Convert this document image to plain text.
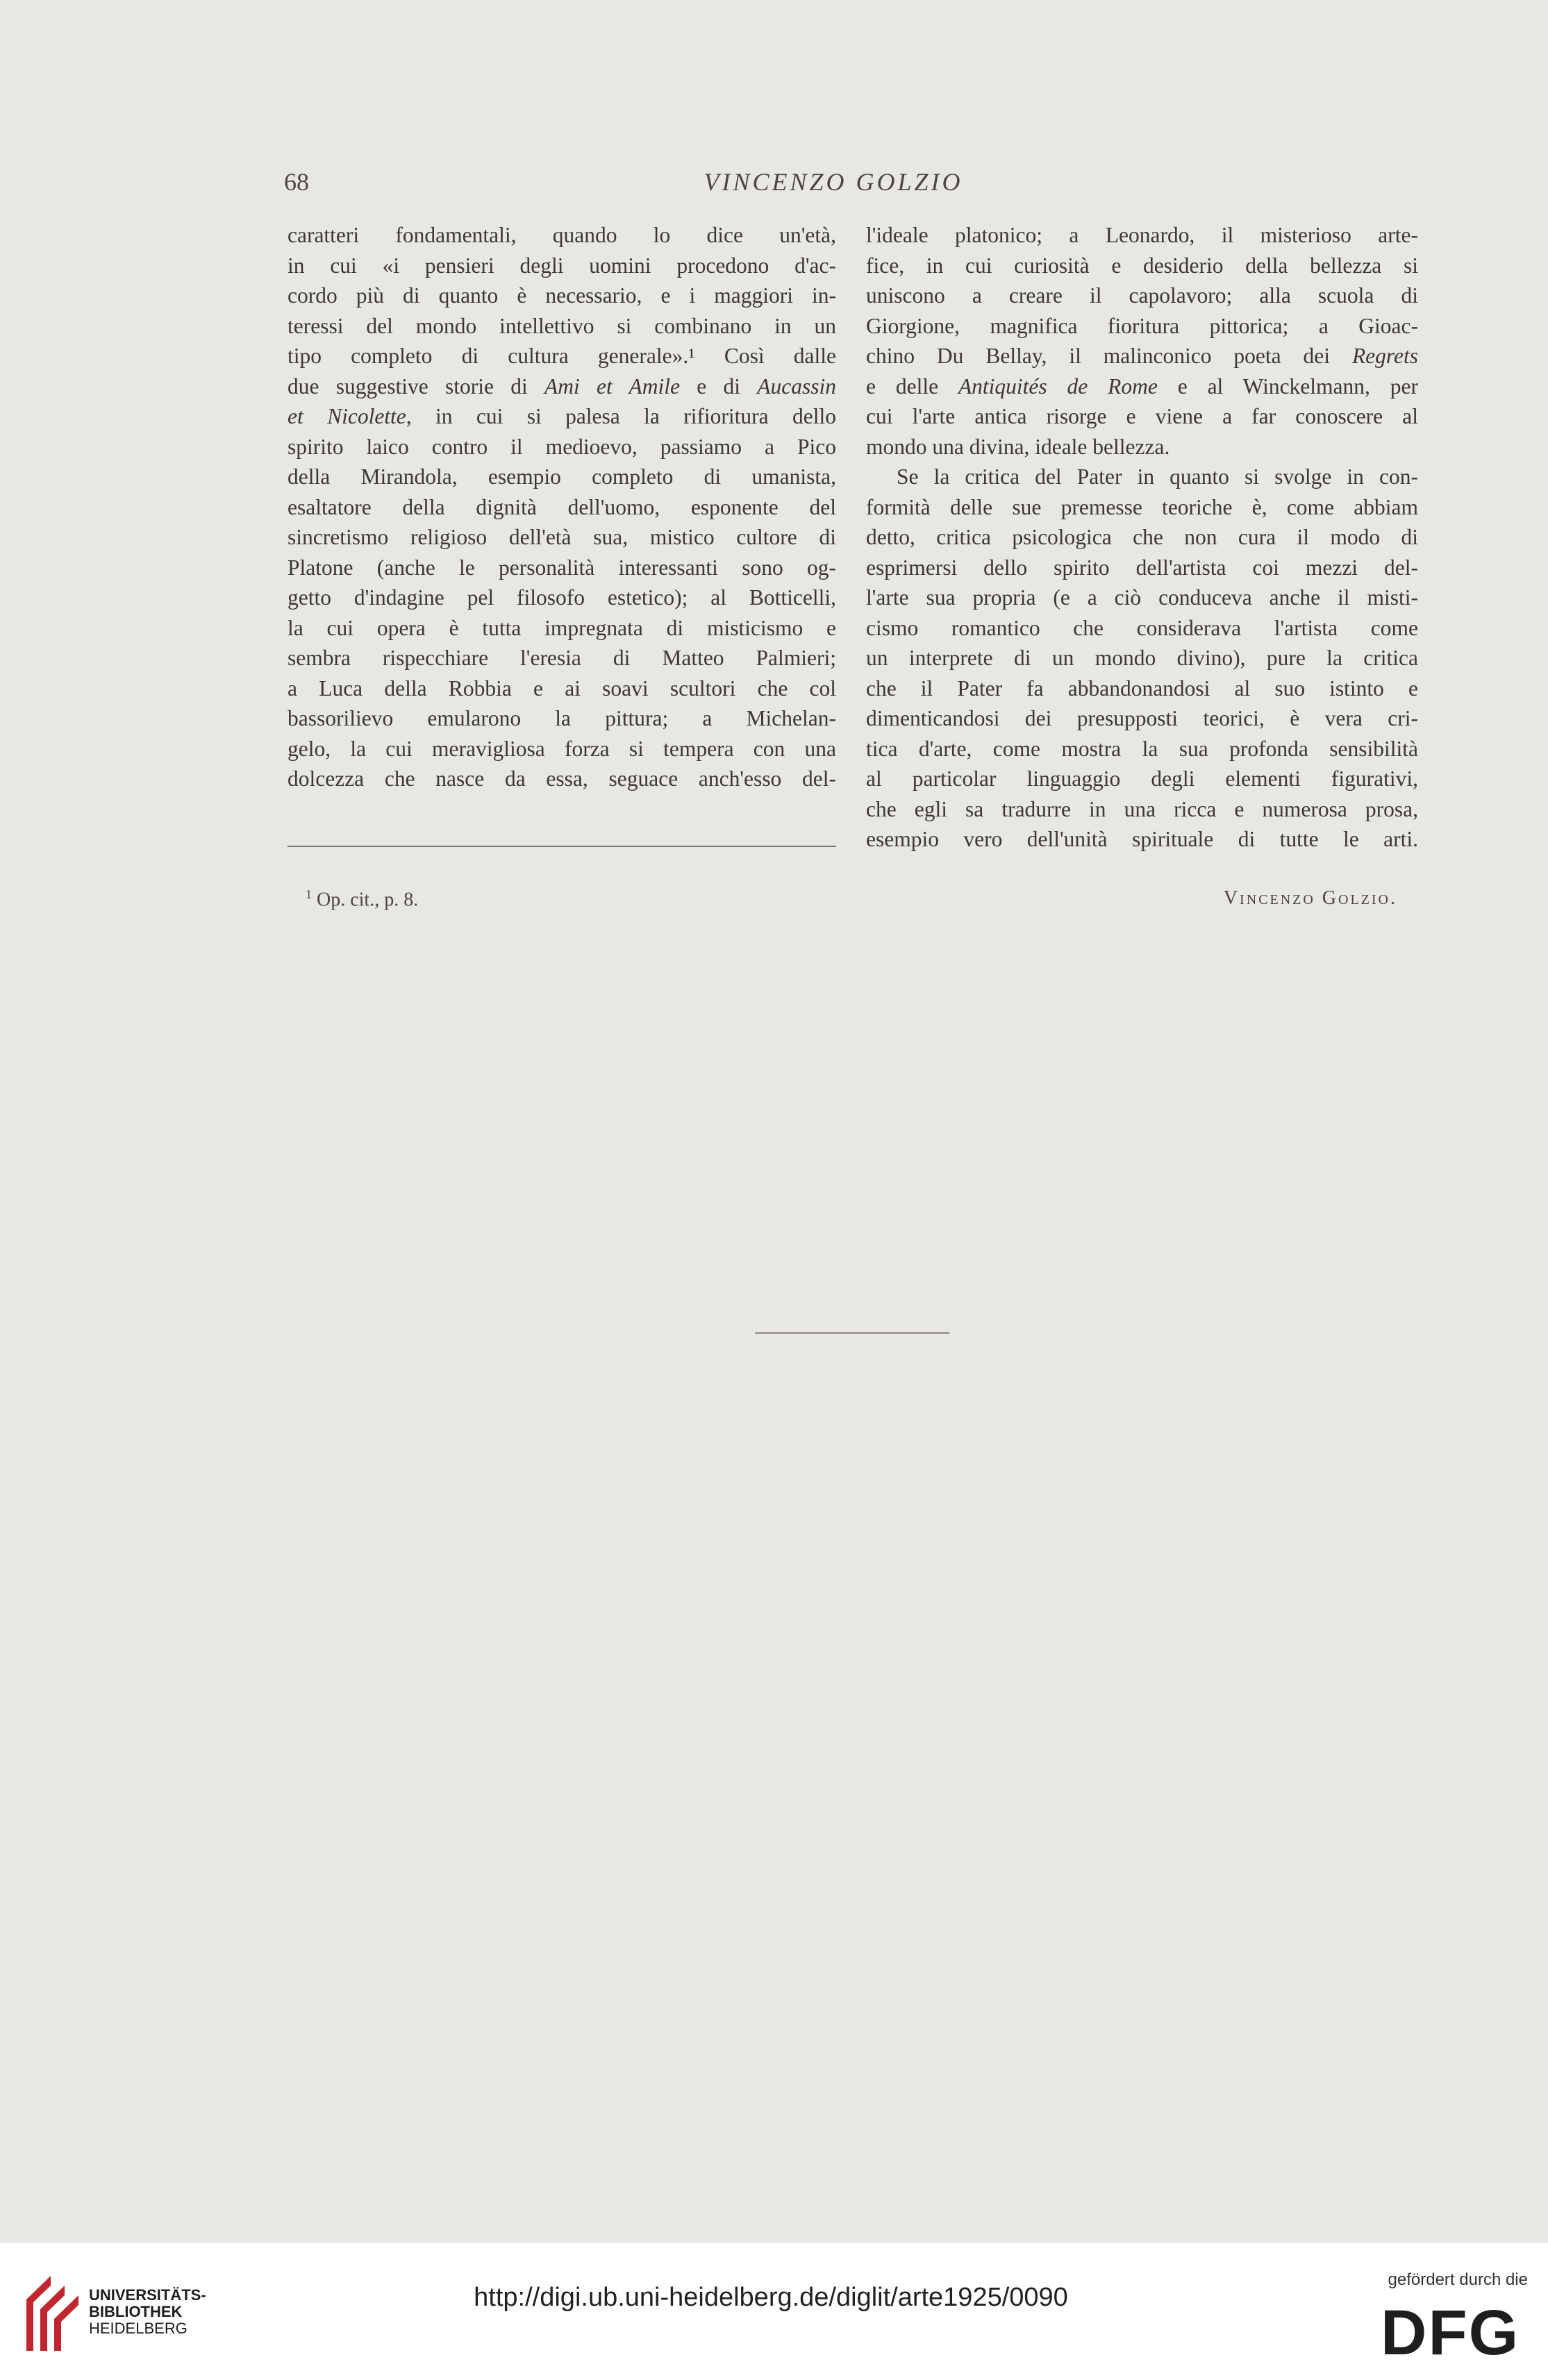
68	VINCENZO GOLZIO
caratteri fondamentali, quando lo dice un'età,
in cui «i pensieri degli uomini procedono d'ac-
cordo più di quanto è necessario, e i maggiori in-
teressi del mondo intellettivo si combinano in un
tipo completo di cultura generale».¹ Così dalle
due suggestive storie di Ami et Amile e di Aucassin
et Nicolette, in cui si palesa la rifioritura dello
spirito laico contro il medioevo, passiamo a Pico
della Mirandola, esempio completo di umanista,
esaltatore della dignità dell'uomo, esponente del
sincretismo religioso dell'età sua, mistico cultore di
Platone (anche le personalità interessanti sono og-
getto d'indagine pel filosofo estetico); al Botticelli,
la cui opera è tutta impregnata di misticismo e
sembra rispecchiare l'eresia di Matteo Palmieri;
a Luca della Robbia e ai soavi scultori che col
bassorilievo emularono la pittura; a Michelan-
gelo, la cui meravigliosa forza si tempera con una
dolcezza che nasce da essa, seguace anch'esso del-
l'ideale platonico; a Leonardo, il misterioso arte-
fice, in cui curiosità e desiderio della bellezza si
uniscono a creare il capolavoro; alla scuola di
Giorgione, magnifica fioritura pittorica; a Gioac-
chino Du Bellay, il malinconico poeta dei Regrets
e delle Antiquités de Rome e al Winckelmann, per
cui l'arte antica risorge e viene a far conoscere al
mondo una divina, ideale bellezza.
Se la critica del Pater in quanto si svolge in con-
formità delle sue premesse teoriche è, come abbiam
detto, critica psicologica che non cura il modo di
esprimersi dello spirito dell'artista coi mezzi del-
l'arte sua propria (e a ciò conduceva anche il misti-
cismo romantico che considerava l'artista come
un interprete di un mondo divino), pure la critica
che il Pater fa abbandonandosi al suo istinto e
dimenticandosi dei presupposti teorici, è vera cri-
tica d'arte, come mostra la sua profonda sensibilità
al particolar linguaggio degli elementi figurativi,
che egli sa tradurre in una ricca e numerosa prosa,
esempio vero dell'unità spirituale di tutte le arti.
$^1$ Op. cit., p. 8.	Vincenzo Golzio.
UNIVERSITÄTS-
BIBLIOTHEK
HEIDELBERG
http://digi.ub.uni-heidelberg.de/diglit/arte1925/0090
gefördert durch die
DFG
